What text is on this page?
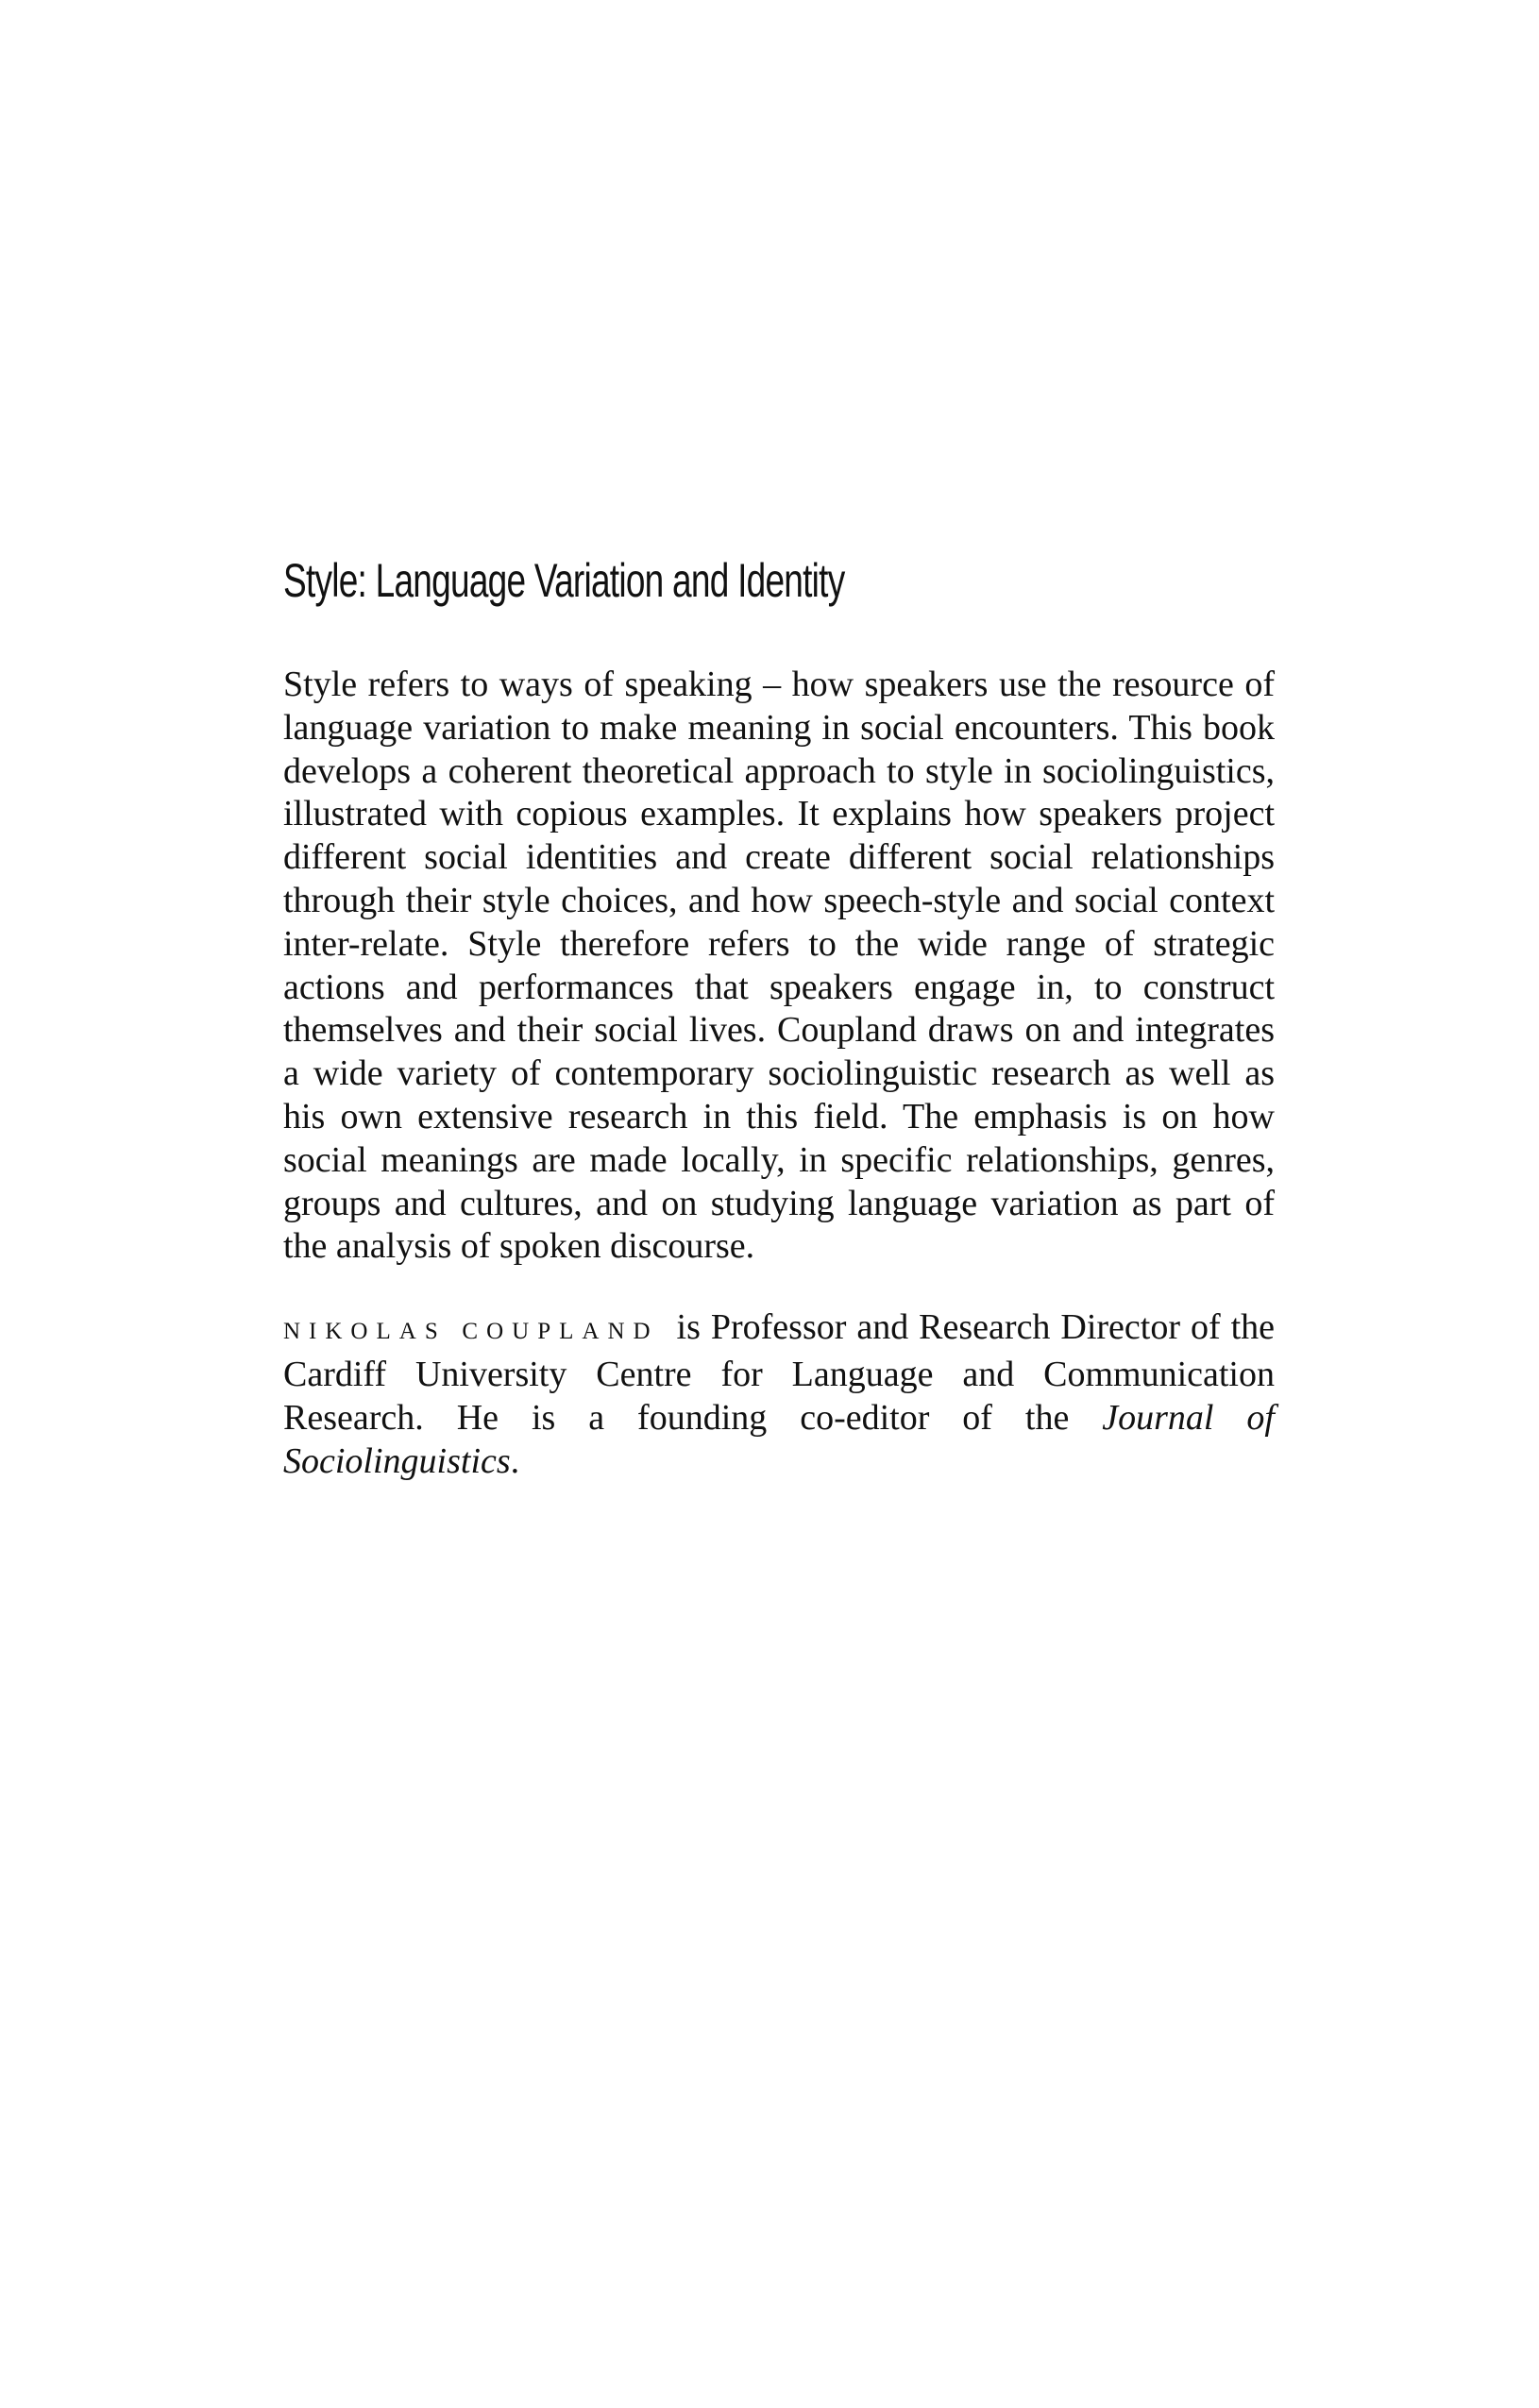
Style: Language Variation and Identity

Style refers to ways of speaking – how speakers use the resource of language variation to make meaning in social encounters. This book develops a coherent theoretical approach to style in sociolinguistics, illustrated with copious examples. It explains how speakers project different social identities and create different social relationships through their style choices, and how speech-style and social context inter-relate. Style therefore refers to the wide range of strategic actions and performances that speakers engage in, to construct themselves and their social lives. Coupland draws on and integrates a wide variety of contemporary sociolinguistic research as well as his own extensive research in this field. The emphasis is on how social meanings are made locally, in specific relationships, genres, groups and cultures, and on studying language variation as part of the analysis of spoken discourse.

NIKOLAS COUPLAND is Professor and Research Director of the Cardiff University Centre for Language and Communication Research. He is a founding co-editor of the Journal of Sociolinguistics.
